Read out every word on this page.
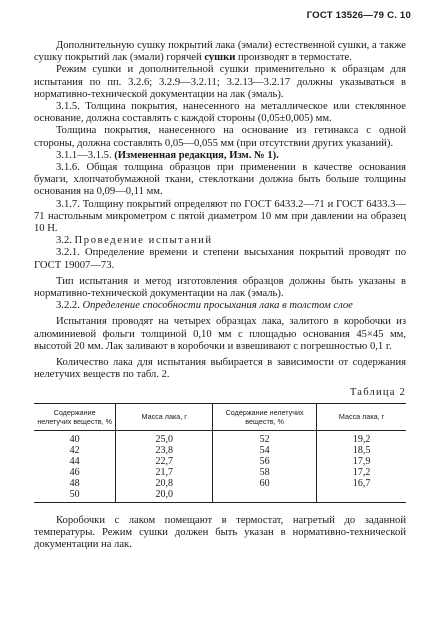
ГОСТ 13526—79 С. 10

Дополнительную сушку покрытий лака (эмали) естественной сушки, а также сушку покрытий лак (эмали) горячей сушки производят в термостате.

Режим сушки и дополнительной сушки применительно к образцам для испытания по пп. 3.2.6; 3.2.9—3.2.11; 3.2.13—3.2.17 должны указываться в нормативно-технической документации на лак (эмаль).

3.1.5. Толщина покрытия, нанесенного на металлическое или стеклянное основание, должна составлять с каждой стороны (0,05±0,005) мм.

Толщина покрытия, нанесенного на основание из гетинакса с одной стороны, должна составлять 0,05—0,055 мм (при отсутствии других указаний).

3.1.1—3.1.5. (Измененная редакция, Изм. № 1).

3.1.6. Общая толщина образцов при применении в качестве основания бумаги, хлопчатобумажной ткани, стеклоткани должна быть больше толщины основания на 0,09—0,11 мм.

3.1.7. Толщину покрытий определяют по ГОСТ 6433.2—71 и ГОСТ 6433.3—71 настольным микрометром с пятой диаметром 10 мм при давлении на образец 10 Н.

3.2. Проведение испытаний

3.2.1. Определение времени и степени высыхания покрытий проводят по ГОСТ 19007—73.

Тип испытания и метод изготовления образцов должны быть указаны в нормативно-технической документации на лак (эмаль).

3.2.2. Определение способности просыхания лака в толстом слое

Испытания проводят на четырех образцах лака, залитого в коробочки из алюминиевой фольги толщиной 0,10 мм с площадью основания 45×45 мм, высотой 20 мм. Лак заливают в коробочки и взвешивают с погрешностью 0,1 г.

Количество лака для испытания выбирается в зависимости от содержания нелетучих веществ по табл. 2.

Таблица 2
Содержание нелетучих веществ, %	Масса лака, г	Содержание нелетучих веществ, %	Масса лака, г
40	25,0	52	19,2
42	23,8	54	18,5
44	22,7	56	17,9
46	21,7	58	17,2
48	20,8	60	16,7
50	20,0		

Коробочки с лаком помещают в термостат, нагретый до заданной температуры. Режим сушки должен быть указан в нормативно-технической документации на лак.
